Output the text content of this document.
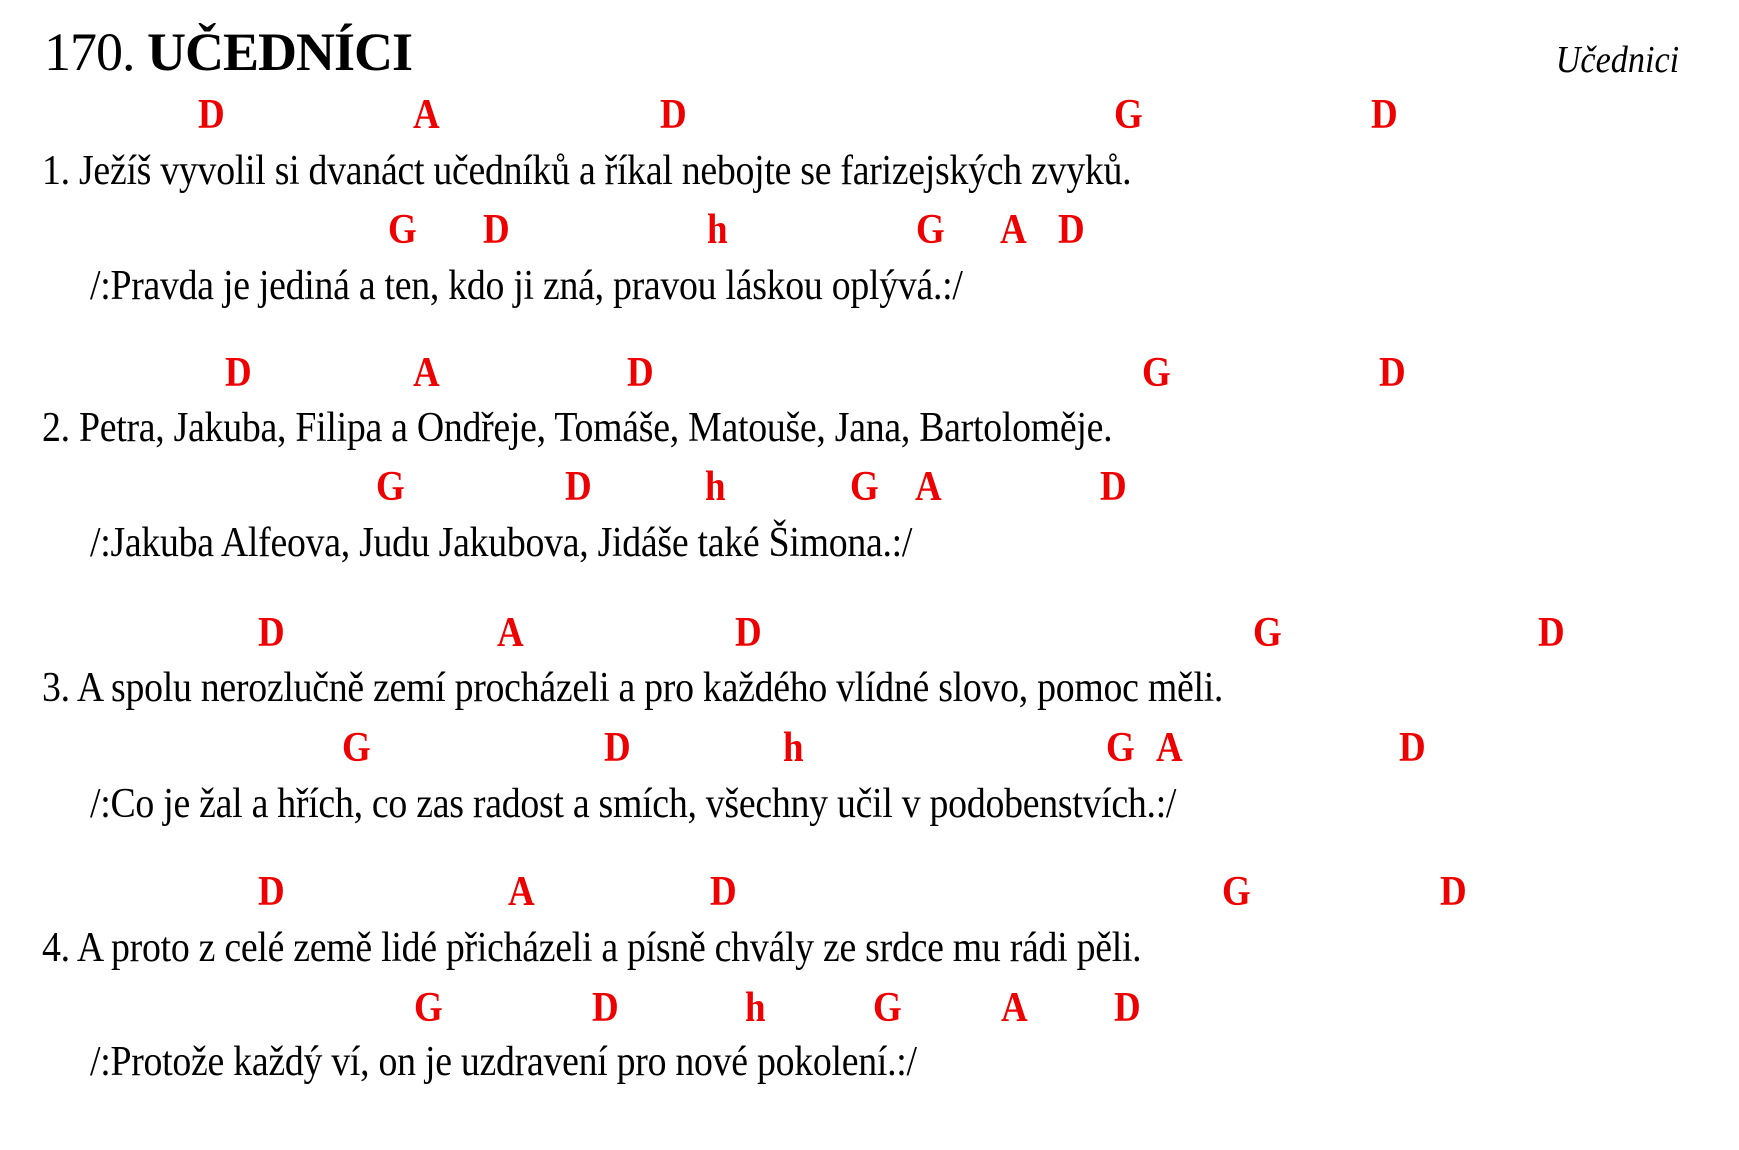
170. UČEDNÍCI	Učednici
D	A	D	G	D
1. Ježíš vyvolil si dvanáct učedníků a říkal nebojte se farizejských zvyků.
G D	h	G A D
/:Pravda je jediná a ten, kdo ji zná, pravou láskou oplývá.:/
D	A	D	G	D
2. Petra, Jakuba, Filipa a Ondřeje, Tomáše, Matouše, Jana, Bartoloměje.
G	D	h	G A	D
/:Jakuba Alfeova, Judu Jakubova, Jidáše také Šimona.:/
D	A	D	G	D
3. A spolu nerozlučně zemí procházeli a pro každého vlídné slovo, pomoc měli.
G	D	h	G A	D
/:Co je žal a hřích, co zas radost a smích, všechny učil v podobenstvích.:/
D	A	D	G	D
4. A proto z celé země lidé přicházeli a písně chvály ze srdce mu rádi pěli.
G	D	h	G A D
/:Protože každý ví, on je uzdravení pro nové pokolení.:/
